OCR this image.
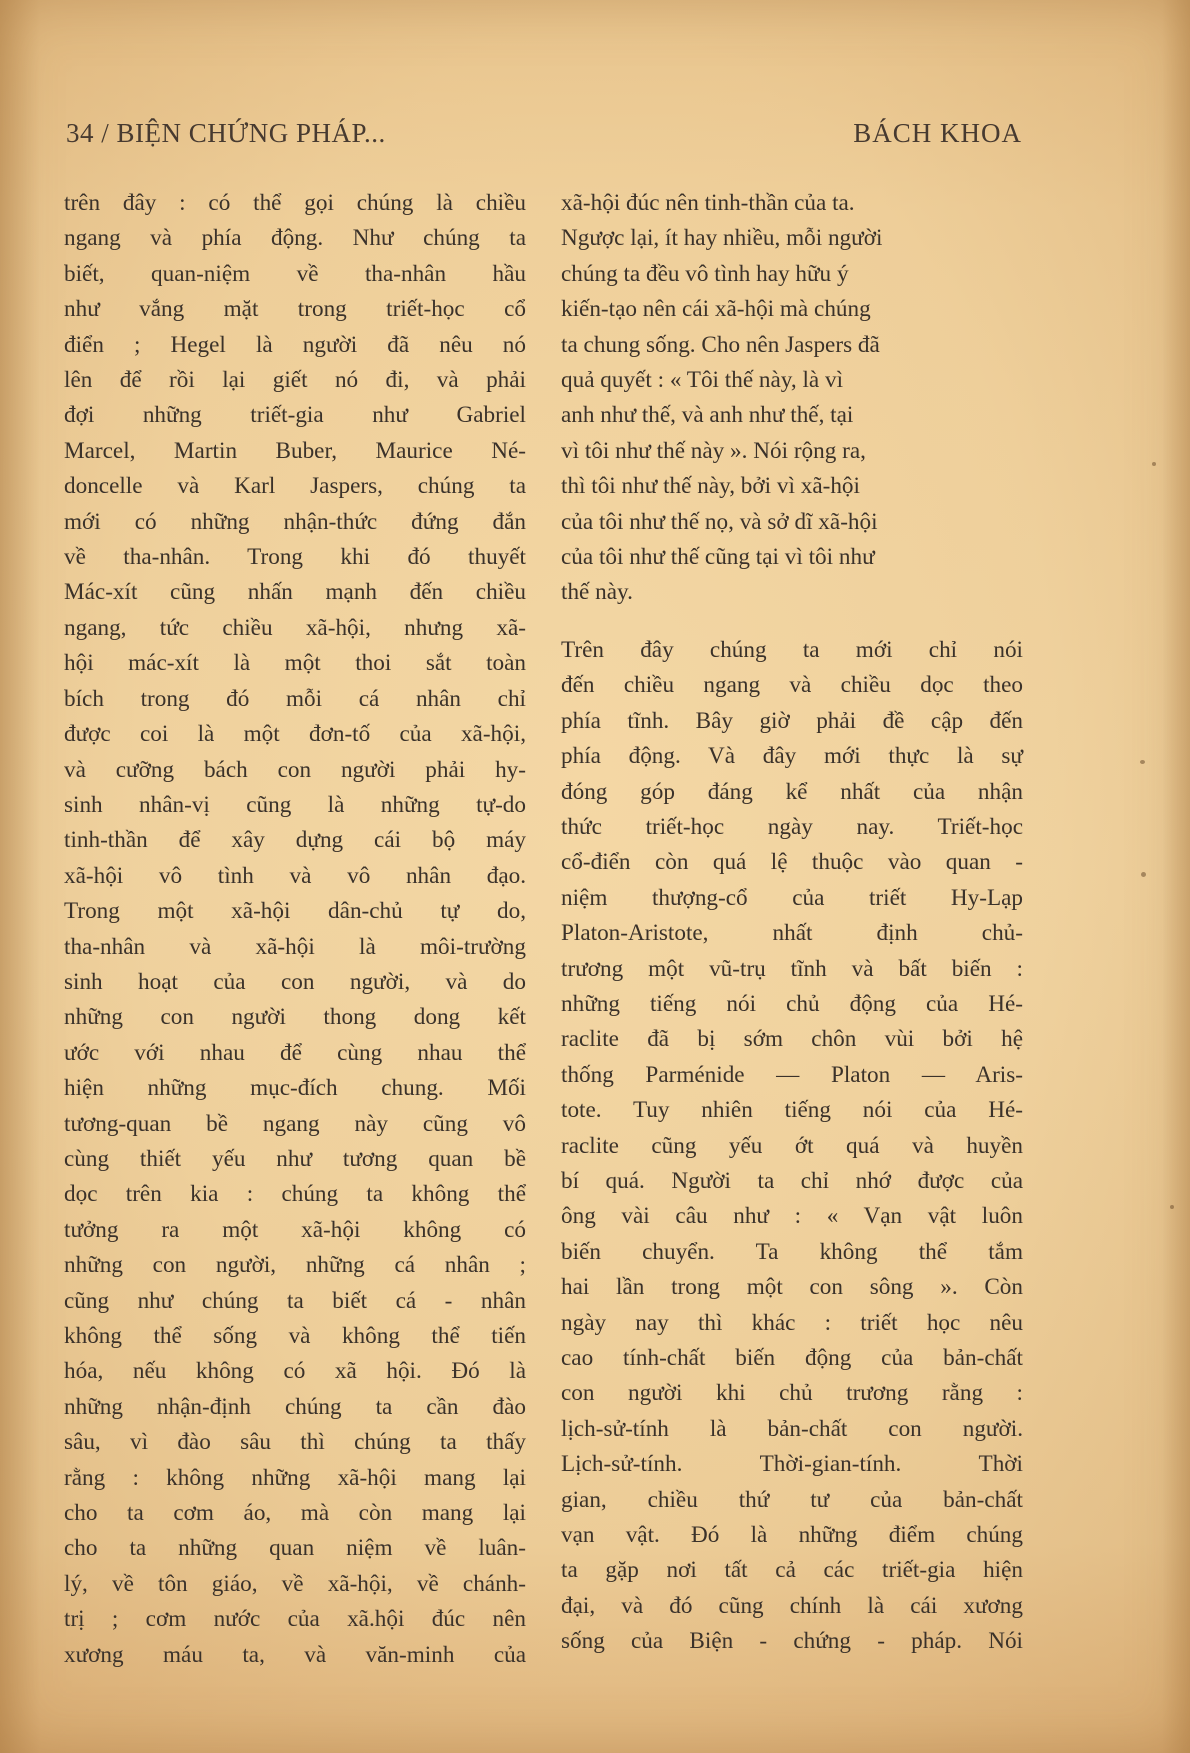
34 / BIỆN CHỨNG PHÁP...	BÁCH KHOA

trên đây : có thể gọi chúng là chiều
ngang và phía động. Như chúng ta
biết, quan-niệm về tha-nhân hầu
như vắng mặt trong triết-học cổ
điển ; Hegel là người đã nêu nó
lên để rồi lại giết nó đi, và phải
đợi những triết-gia như Gabriel
Marcel, Martin Buber, Maurice Né-
doncelle và Karl Jaspers, chúng ta
mới có những nhận-thức đứng đắn
về tha-nhân. Trong khi đó thuyết
Mác-xít cũng nhấn mạnh đến chiều
ngang, tức chiều xã-hội, nhưng xã-
hội mác-xít là một thoi sắt toàn
bích trong đó mỗi cá nhân chỉ
được coi là một đơn-tố của xã-hội,
và cưỡng bách con người phải hy-
sinh nhân-vị cũng là những tự-do
tinh-thần để xây dựng cái bộ máy
xã-hội vô tình và vô nhân đạo.
Trong một xã-hội dân-chủ tự do,
tha-nhân và xã-hội là môi-trường
sinh hoạt của con người, và do
những con người thong dong kết
ước với nhau để cùng nhau thể
hiện những mục-đích chung. Mối
tương-quan bề ngang này cũng vô
cùng thiết yếu như tương quan bề
dọc trên kia : chúng ta không thể
tưởng ra một xã-hội không có
những con người, những cá nhân ;
cũng như chúng ta biết cá - nhân
không thể sống và không thể tiến
hóa, nếu không có xã hội. Đó là
những nhận-định chúng ta cần đào
sâu, vì đào sâu thì chúng ta thấy
rằng : không những xã-hội mang lại
cho ta cơm áo, mà còn mang lại
cho ta những quan niệm về luân-
lý, về tôn giáo, về xã-hội, về chánh-
trị ; cơm nước của xã.hội đúc nên
xương máu ta, và văn-minh của

xã-hội đúc nên tinh-thần của ta.
Ngược lại, ít hay nhiều, mỗi người
chúng ta đều vô tình hay hữu ý
kiến-tạo nên cái xã-hội mà chúng
ta chung sống. Cho nên Jaspers đã
quả quyết : « Tôi thế này, là vì
anh như thế, và anh như thế, tại
vì tôi như thế này ». Nói rộng ra,
thì tôi như thế này, bởi vì xã-hội
của tôi như thế nọ, và sở dĩ xã-hội
của tôi như thế cũng tại vì tôi như
thế này.

Trên đây chúng ta mới chỉ nói
đến chiều ngang và chiều dọc theo
phía tĩnh. Bây giờ phải đề cập đến
phía động. Và đây mới thực là sự
đóng góp đáng kể nhất của nhận
thức triết-học ngày nay. Triết-học
cổ-điển còn quá lệ thuộc vào quan -
niệm thượng-cổ của triết Hy-Lạp
Platon-Aristote, nhất định chủ-
trương một vũ-trụ tĩnh và bất biến :
những tiếng nói chủ động của Hé-
raclite đã bị sớm chôn vùi bởi hệ
thống Parménide — Platon — Aris-
tote. Tuy nhiên tiếng nói của Hé-
raclite cũng yếu ớt quá và huyền
bí quá. Người ta chỉ nhớ được của
ông vài câu như : « Vạn vật luôn
biến chuyển. Ta không thể tắm
hai lần trong một con sông ». Còn
ngày nay thì khác : triết học nêu
cao tính-chất biến động của bản-chất
con người khi chủ trương rằng :
lịch-sử-tính là bản-chất con người.
Lịch-sử-tính. Thời-gian-tính. Thời
gian, chiều thứ tư của bản-chất
vạn vật. Đó là những điểm chúng
ta gặp nơi tất cả các triết-gia hiện
đại, và đó cũng chính là cái xương
sống của Biện - chứng - pháp. Nói
